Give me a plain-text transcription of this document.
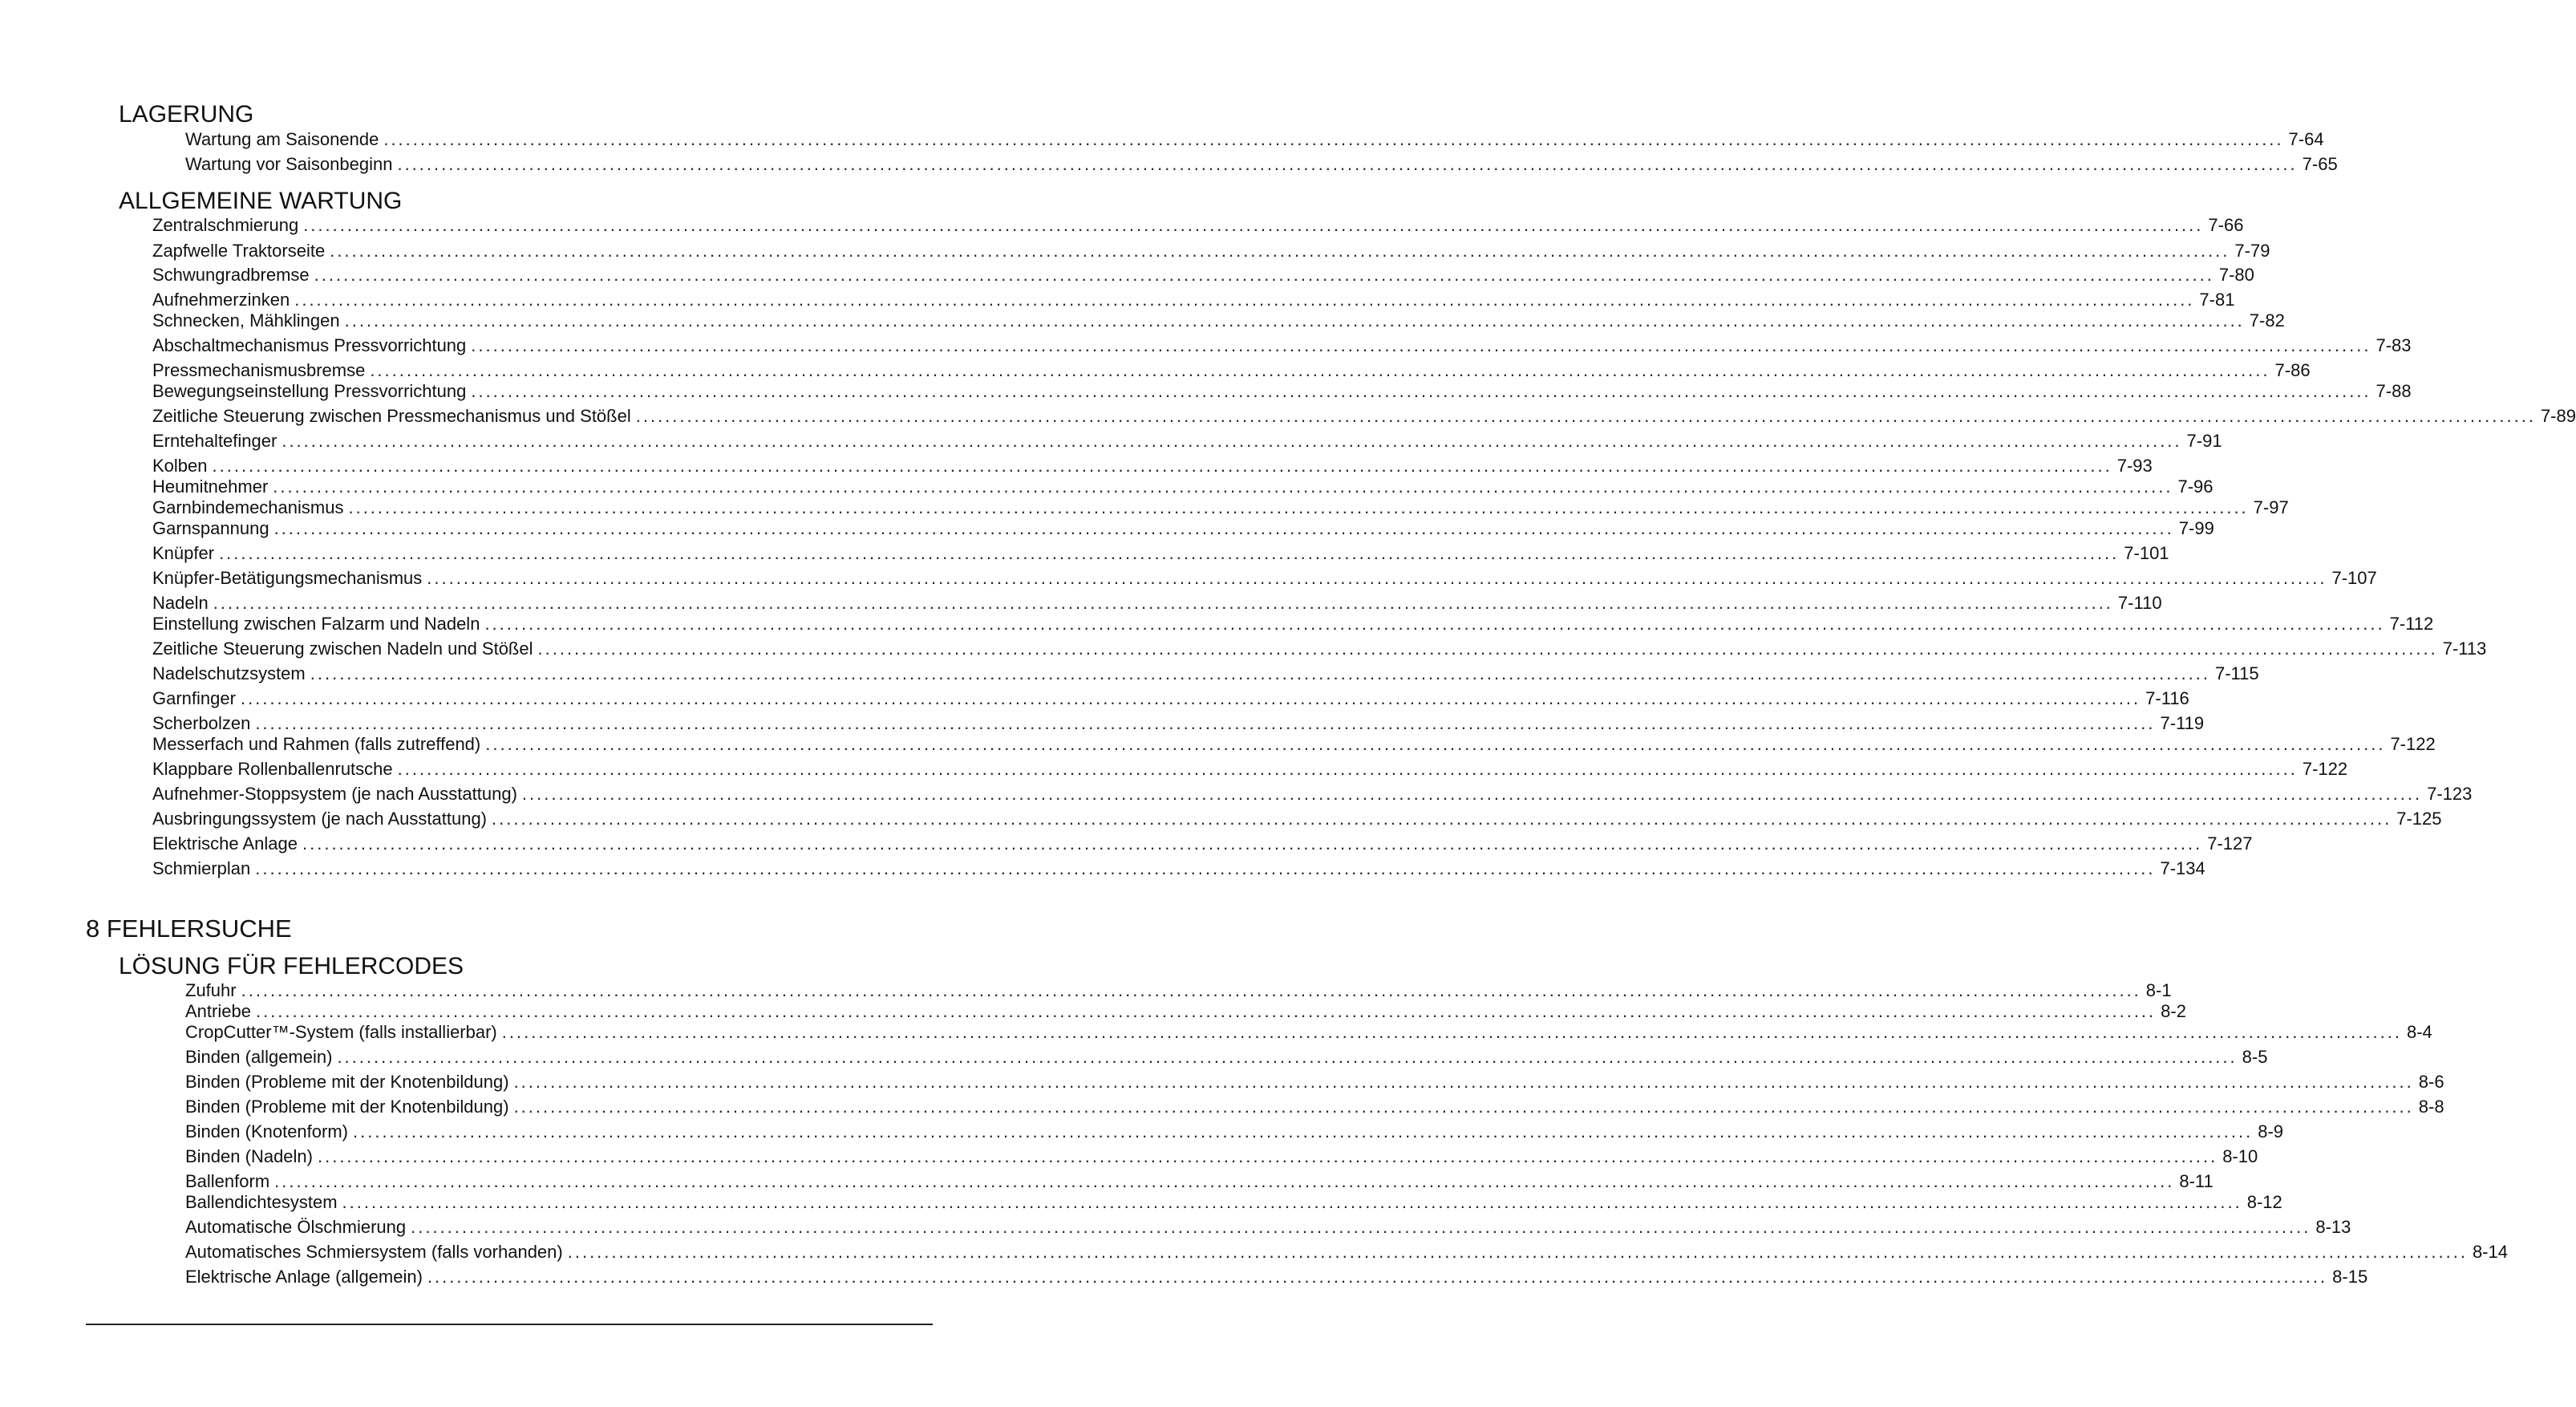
LAGERUNG
Wartung am Saisonende .................................................................................................................................................................................................................................................................... 7-64
Wartung vor Saisonbeginn .................................................................................................................................................................................................................................................................... 7-65
ALLGEMEINE WARTUNG
Zentralschmierung .................................................................................................................................................................................................................................................................... 7-66
Zapfwelle Traktorseite .................................................................................................................................................................................................................................................................... 7-79
Schwungradbremse .................................................................................................................................................................................................................................................................... 7-80
Aufnehmerzinken .................................................................................................................................................................................................................................................................... 7-81
Schnecken, Mähklingen .................................................................................................................................................................................................................................................................... 7-82
Abschaltmechanismus Pressvorrichtung .................................................................................................................................................................................................................................................................... 7-83
Pressmechanismusbremse .................................................................................................................................................................................................................................................................... 7-86
Bewegungseinstellung Pressvorrichtung .................................................................................................................................................................................................................................................................... 7-88
Zeitliche Steuerung zwischen Pressmechanismus und Stößel .................................................................................................................................................................................................................................................................... 7-89
Erntehaltefinger .................................................................................................................................................................................................................................................................... 7-91
Kolben .................................................................................................................................................................................................................................................................... 7-93
Heumitnehmer .................................................................................................................................................................................................................................................................... 7-96
Garnbindemechanismus .................................................................................................................................................................................................................................................................... 7-97
Garnspannung .................................................................................................................................................................................................................................................................... 7-99
Knüpfer .................................................................................................................................................................................................................................................................... 7-101
Knüpfer-Betätigungsmechanismus .................................................................................................................................................................................................................................................................... 7-107
Nadeln .................................................................................................................................................................................................................................................................... 7-110
Einstellung zwischen Falzarm und Nadeln .................................................................................................................................................................................................................................................................... 7-112
Zeitliche Steuerung zwischen Nadeln und Stößel .................................................................................................................................................................................................................................................................... 7-113
Nadelschutzsystem .................................................................................................................................................................................................................................................................... 7-115
Garnfinger .................................................................................................................................................................................................................................................................... 7-116
Scherbolzen .................................................................................................................................................................................................................................................................... 7-119
Messerfach und Rahmen (falls zutreffend) .................................................................................................................................................................................................................................................................... 7-122
Klappbare Rollenballenrutsche .................................................................................................................................................................................................................................................................... 7-122
Aufnehmer-Stoppsystem (je nach Ausstattung) .................................................................................................................................................................................................................................................................... 7-123
Ausbringungssystem (je nach Ausstattung) .................................................................................................................................................................................................................................................................... 7-125
Elektrische Anlage .................................................................................................................................................................................................................................................................... 7-127
Schmierplan .................................................................................................................................................................................................................................................................... 7-134
8 FEHLERSUCHE
LÖSUNG FÜR FEHLERCODES
Zufuhr .................................................................................................................................................................................................................................................................... 8-1
Antriebe .................................................................................................................................................................................................................................................................... 8-2
CropCutter™-System (falls installierbar) .................................................................................................................................................................................................................................................................... 8-4
Binden (allgemein) .................................................................................................................................................................................................................................................................... 8-5
Binden (Probleme mit der Knotenbildung) .................................................................................................................................................................................................................................................................... 8-6
Binden (Probleme mit der Knotenbildung) .................................................................................................................................................................................................................................................................... 8-8
Binden (Knotenform) .................................................................................................................................................................................................................................................................... 8-9
Binden (Nadeln) .................................................................................................................................................................................................................................................................... 8-10
Ballenform .................................................................................................................................................................................................................................................................... 8-11
Ballendichtesystem .................................................................................................................................................................................................................................................................... 8-12
Automatische Ölschmierung .................................................................................................................................................................................................................................................................... 8-13
Automatisches Schmiersystem (falls vorhanden) .................................................................................................................................................................................................................................................................... 8-14
Elektrische Anlage (allgemein) .................................................................................................................................................................................................................................................................... 8-15
